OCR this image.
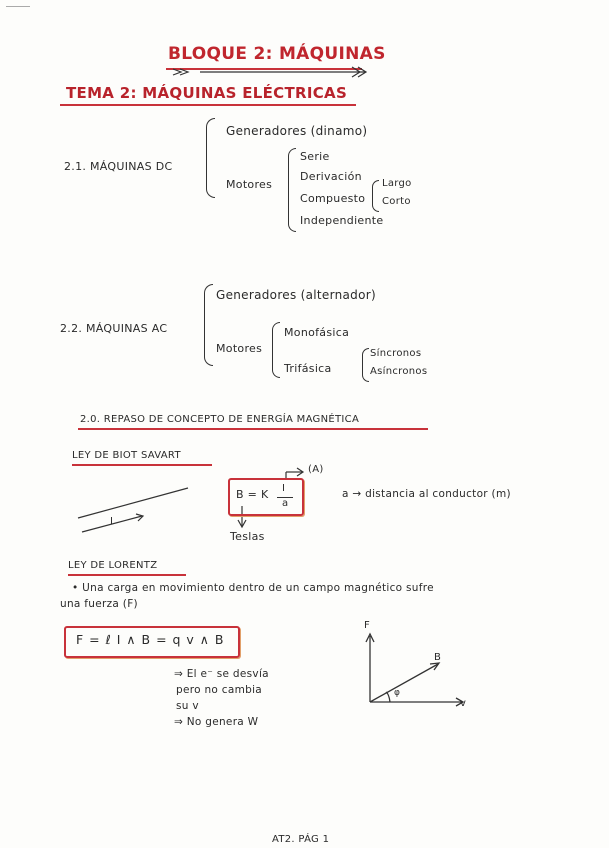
BLOQUE 2: MÁQUINAS
TEMA 2: MÁQUINAS ELÉCTRICAS
2.1. MÁQUINAS DC
Generadores (dinamo)
Motores
Serie
Derivación
Compuesto
Independiente
Largo
Corto
2.2. MÁQUINAS AC
Generadores (alternador)
Motores
Monofásica
Trifásica
Síncronos
Asíncronos
2.0. REPASO DE CONCEPTO DE ENERGÍA MAGNÉTICA
LEY DE BIOT SAVART
I
B = K I
a
(A)
Teslas
a → distancia al conductor (m)
LEY DE LORENTZ
• Una carga en movimiento dentro de un campo magnético sufre
una fuerza (F)
F = ℓ I ∧ B = q v ∧ B
⇒ El e⁻ se desvía
pero no cambia
su v
⇒ No genera W
F
B
v
φ
AT2. PÁG 1
